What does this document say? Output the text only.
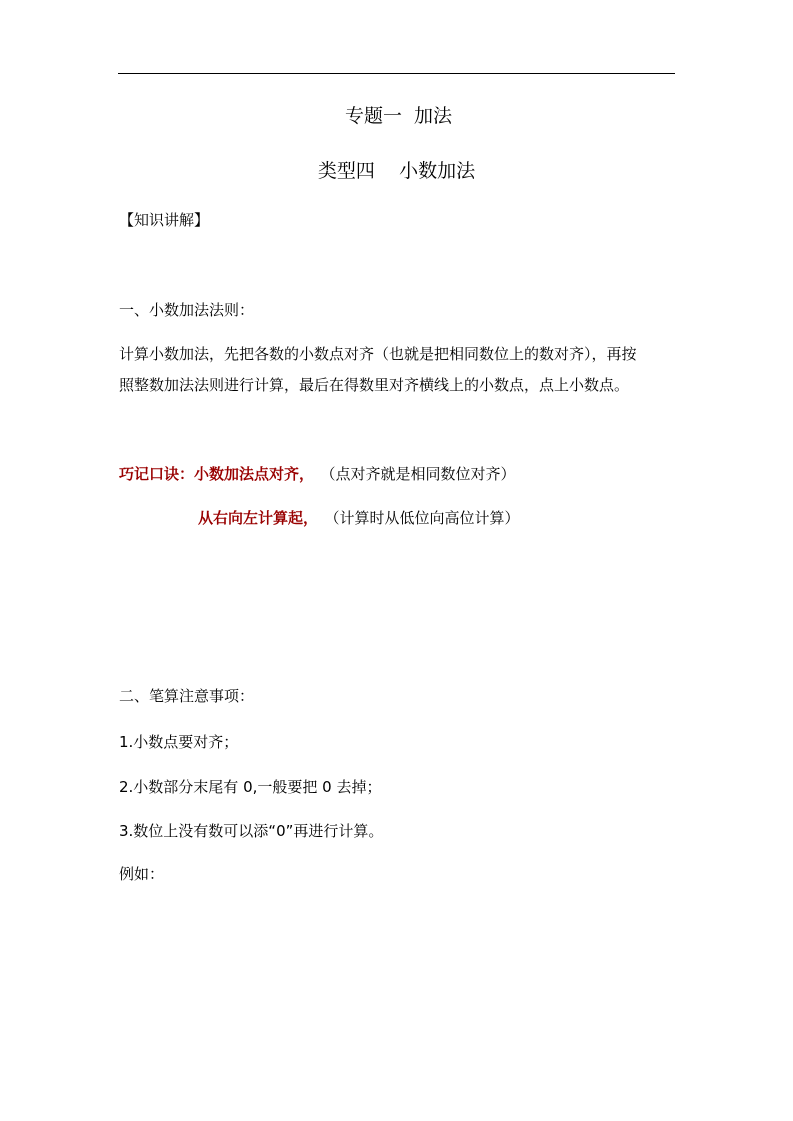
专题一  加法
类型四    小数加法
【知识讲解】
一、小数加法法则：
计算小数加法，先把各数的小数点对齐（也就是把相同数位上的数对齐），再按
照整数加法法则进行计算，最后在得数里对齐横线上的小数点，点上小数点。
巧记口诀：小数加法点对齐， （点对齐就是相同数位对齐）
从右向左计算起， （计算时从低位向高位计算）
二、笔算注意事项：
1.小数点要对齐；
2.小数部分末尾有 0,一般要把 0 去掉；
3.数位上没有数可以添“0”再进行计算。
例如：
